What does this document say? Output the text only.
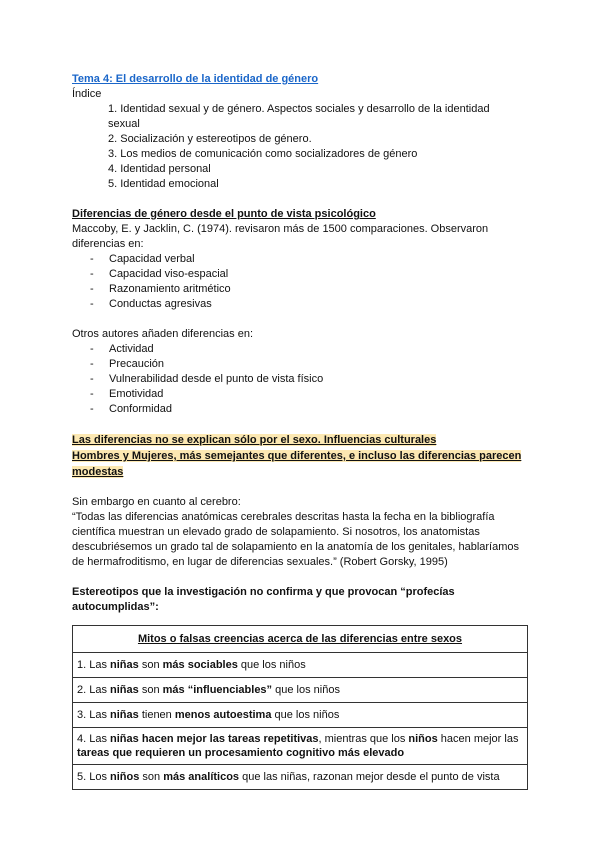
Tema 4: El desarrollo de la identidad de género
Índice
1. Identidad sexual y de género. Aspectos sociales y desarrollo de la identidad
sexual
2. Socialización y estereotipos de género.
3. Los medios de comunicación como socializadores de género
4. Identidad personal
5. Identidad emocional
Diferencias de género desde el punto de vista psicológico
Maccoby, E. y Jacklin, C. (1974). revisaron más de 1500 comparaciones. Observaron
diferencias en:
-	Capacidad verbal
-	Capacidad viso-espacial
-	Razonamiento aritmético
-	Conductas agresivas
Otros autores añaden diferencias en:
-	Actividad
-	Precaución
-	Vulnerabilidad desde el punto de vista físico
-	Emotividad
-	Conformidad
Las diferencias no se explican sólo por el sexo. Influencias culturales
Hombres y Mujeres, más semejantes que diferentes, e incluso las diferencias parecen
modestas
Sin embargo en cuanto al cerebro:
“Todas las diferencias anatómicas cerebrales descritas hasta la fecha en la bibliografía
científica muestran un elevado grado de solapamiento. Si nosotros, los anatomistas
descubriésemos un grado tal de solapamiento en la anatomía de los genitales, hablaríamos
de hermafroditismo, en lugar de diferencias sexuales.” (Robert Gorsky, 1995)
Estereotipos que la investigación no confirma y que provocan “profecías
autocumplidas”:
Mitos o falsas creencias acerca de las diferencias entre sexos
1. Las niñas son más sociables que los niños
2. Las niñas son más “influenciables” que los niños
3. Las niñas tienen menos autoestima que los niños
4. Las niñas hacen mejor las tareas repetitivas, mientras que los niños hacen mejor las tareas que requieren un procesamiento cognitivo más elevado
5. Los niños son más analíticos que las niñas, razonan mejor desde el punto de vista
